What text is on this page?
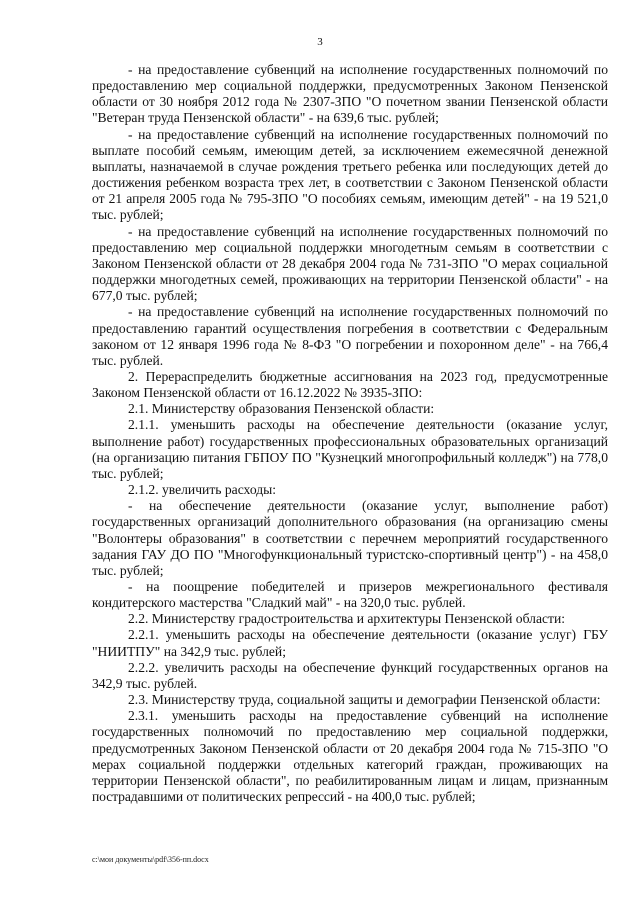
3

- на предоставление субвенций на исполнение государственных полномочий по предоставлению мер социальной поддержки, предусмотренных Законом Пензенской области от 30 ноября 2012 года № 2307-ЗПО "О почетном звании Пензенской области "Ветеран труда Пензенской области" - на 639,6 тыс. рублей;

- на предоставление субвенций на исполнение государственных полномочий по выплате пособий семьям, имеющим детей, за исключением ежемесячной денежной выплаты, назначаемой в случае рождения третьего ребенка или последующих детей до достижения ребенком возраста трех лет, в соответствии с Законом Пензенской области от 21 апреля 2005 года № 795-ЗПО "О пособиях семьям, имеющим детей" - на 19 521,0 тыс. рублей;

- на предоставление субвенций на исполнение государственных полномочий по предоставлению мер социальной поддержки многодетным семьям в соответствии с Законом Пензенской области от 28 декабря 2004 года № 731-ЗПО "О мерах социальной поддержки многодетных семей, проживающих на территории Пензенской области" - на 677,0 тыс. рублей;

- на предоставление субвенций на исполнение государственных полномочий по предоставлению гарантий осуществления погребения в соответствии с Федеральным законом от 12 января 1996 года № 8-ФЗ "О погребении и похоронном деле" - на 766,4 тыс. рублей.

2. Перераспределить бюджетные ассигнования на 2023 год, предусмотренные Законом Пензенской области от 16.12.2022 № 3935-ЗПО:

2.1. Министерству образования Пензенской области:

2.1.1. уменьшить расходы на обеспечение деятельности (оказание услуг, выполнение работ) государственных профессиональных образовательных организаций (на организацию питания ГБПОУ ПО "Кузнецкий многопрофильный колледж") на 778,0 тыс. рублей;

2.1.2. увеличить расходы:

- на обеспечение деятельности (оказание услуг, выполнение работ) государственных организаций дополнительного образования (на организацию смены "Волонтеры образования" в соответствии с перечнем мероприятий государственного задания ГАУ ДО ПО "Многофункциональный туристско-спортивный центр") - на 458,0 тыс. рублей;

- на поощрение победителей и призеров межрегионального фестиваля кондитерского мастерства "Сладкий май" - на 320,0 тыс. рублей.

2.2. Министерству градостроительства и архитектуры Пензенской области:

2.2.1. уменьшить расходы на обеспечение деятельности (оказание услуг) ГБУ "НИИТПУ" на 342,9 тыс. рублей;

2.2.2. увеличить расходы на обеспечение функций государственных органов на 342,9 тыс. рублей.

2.3. Министерству труда, социальной защиты и демографии Пензенской области:

2.3.1. уменьшить расходы на предоставление субвенций на исполнение государственных полномочий по предоставлению мер социальной поддержки, предусмотренных Законом Пензенской области от 20 декабря 2004 года № 715-ЗПО "О мерах социальной поддержки отдельных категорий граждан, проживающих на территории Пензенской области", по реабилитированным лицам и лицам, признанным пострадавшими от политических репрессий - на 400,0 тыс. рублей;

c:\мои документы\pdf\356-пп.docx
